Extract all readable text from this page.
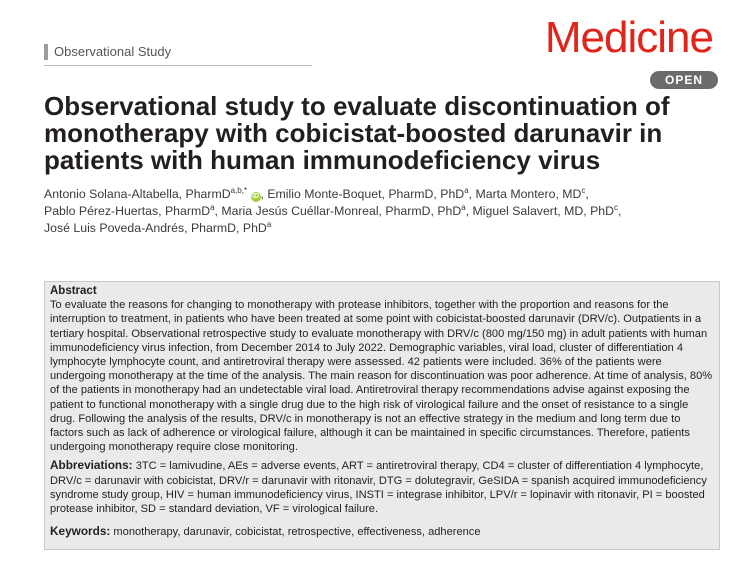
Observational Study	Medicine
OPEN
Observational study to evaluate discontinuation of monotherapy with cobicistat-boosted darunavir in patients with human immunodeficiency virus
Antonio Solana-Altabella, PharmD$^{a,b,*}$ iD , Emilio Monte-Boquet, PharmD, PhD$^a$, Marta Montero, $MD^c$,
Pablo Pérez-Huertas, PharmD$^a$, Maria Jesús Cuéllar-Monreal, PharmD, PhD$^a$, Miguel Salavert, MD, PhD$^c$,
José Luis Poveda-Andrés, PharmD, PhD$^a$

Abstract

To evaluate the reasons for changing to monotherapy with protease inhibitors, together with the proportion and reasons for the interruption to treatment, in patients who have been treated at some point with cobicistat-boosted darunavir (DRV/c). Outpatients in a tertiary hospital. Observational retrospective study to evaluate monotherapy with DRV/c (800 mg/150 mg) in adult patients with human immunodeficiency virus infection, from December 2014 to July 2022. Demographic variables, viral load, cluster of differentiation 4 lymphocyte lymphocyte count, and antiretroviral therapy were assessed. 42 patients were included. 36% of the patients were undergoing monotherapy at the time of the analysis. The main reason for discontinuation was poor adherence. At time of analysis, 80% of the patients in monotherapy had an undetectable viral load. Antiretroviral therapy recommendations advise against exposing the patient to functional monotherapy with a single drug due to the high risk of virological failure and the onset of resistance to a single drug. Following the analysis of the results, DRV/c in monotherapy is not an effective strategy in the medium and long term due to factors such as lack of adherence or virological failure, although it can be maintained in specific circumstances. Therefore, patients undergoing monotherapy require close monitoring.

Abbreviations: 3TC = lamivudine, AEs = adverse events, ART = antiretroviral therapy, CD4 = cluster of differentiation 4 lymphocyte, DRV/c = darunavir with cobicistat, DRV/r = darunavir with ritonavir, DTG = dolutegravir, GeSIDA = spanish acquired immunodeficiency syndrome study group, HIV = human immunodeficiency virus, INSTI = integrase inhibitor, LPV/r = lopinavir with ritonavir, PI = boosted protease inhibitor, SD = standard deviation, VF = virological failure.

Keywords: monotherapy, darunavir, cobicistat, retrospective, effectiveness, adherence
